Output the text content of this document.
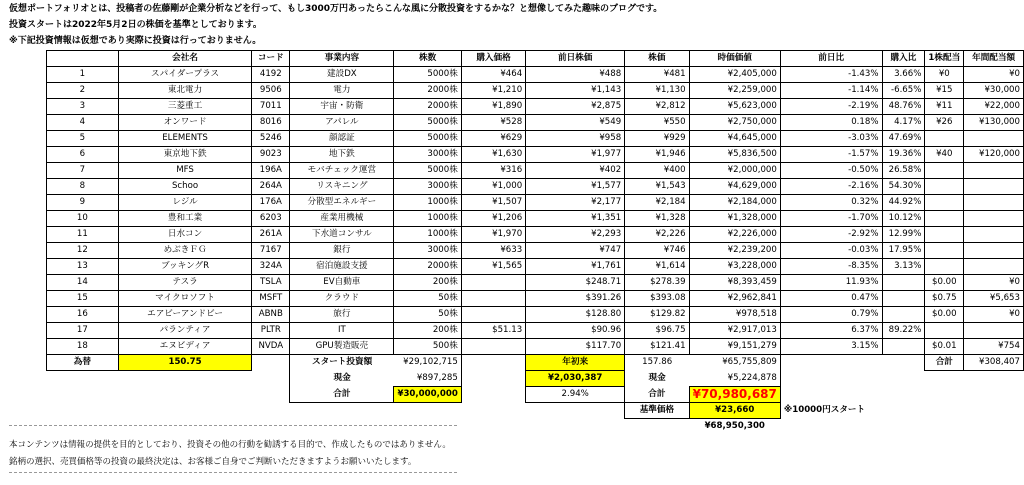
仮想ポートフォリオとは、投稿者の佐藤剛が企業分析などを行って、もし3000万円あったらこんな風に分散投資をするかな？と想像してみた趣味のブログです。
投資スタートは2022年5月2日の株価を基準としております。
※下記投資情報は仮想であり実際に投資は行っておりません。
	会社名	コード	事業内容	株数	購入価格	前日株価	株価	時価価値	前日比	購入比	1株配当	年間配当額
1	スパイダープラス	4192	建設DX	5000株	¥464	¥488	¥481	¥2,405,000	-1.43%	3.66%	¥0	¥0
2	東北電力	9506	電力	2000株	¥1,210	¥1,143	¥1,130	¥2,259,000	-1.14%	-6.65%	¥15	¥30,000
3	三菱重工	7011	宇宙・防衛	2000株	¥1,890	¥2,875	¥2,812	¥5,623,000	-2.19%	48.76%	¥11	¥22,000
4	オンワード	8016	アパレル	5000株	¥528	¥549	¥550	¥2,750,000	0.18%	4.17%	¥26	¥130,000
5	ELEMENTS	5246	顔認証	5000株	¥629	¥958	¥929	¥4,645,000	-3.03%	47.69%		
6	東京地下鉄	9023	地下鉄	3000株	¥1,630	¥1,977	¥1,946	¥5,836,500	-1.57%	19.36%	¥40	¥120,000
7	MFS	196A	モバチェック運営	5000株	¥316	¥402	¥400	¥2,000,000	-0.50%	26.58%		
8	Schoo	264A	リスキニング	3000株	¥1,000	¥1,577	¥1,543	¥4,629,000	-2.16%	54.30%		
9	レジル	176A	分散型エネルギー	1000株	¥1,507	¥2,177	¥2,184	¥2,184,000	0.32%	44.92%		
10	豊和工業	6203	産業用機械	1000株	¥1,206	¥1,351	¥1,328	¥1,328,000	-1.70%	10.12%		
11	日水コン	261A	下水道コンサル	1000株	¥1,970	¥2,293	¥2,226	¥2,226,000	-2.92%	12.99%		
12	めぶきＦＧ	7167	銀行	3000株	¥633	¥747	¥746	¥2,239,200	-0.03%	17.95%		
13	ブッキングR	324A	宿泊施設支援	2000株	¥1,565	¥1,761	¥1,614	¥3,228,000	-8.35%	3.13%		
14	テスラ	TSLA	EV自動車	200株		$248.71	$278.39	¥8,393,459	11.93%		$0.00	¥0
15	マイクロソフト	MSFT	クラウド	50株		$391.26	$393.08	¥2,962,841	0.47%		$0.75	¥5,653
16	エアビーアンドビー	ABNB	旅行	50株		$128.80	$129.82	¥978,518	0.79%		$0.00	¥0
17	パランティア	PLTR	IT	200株	$51.13	$90.96	$96.75	¥2,917,013	6.37%	89.22%		
18	エヌビディア	NVDA	GPU製造販売	500株		$117.70	$121.41	¥9,151,279	3.15%		$0.01	¥754
為替	150.75		スタート投資額	¥29,102,715		年初来	157.86	¥65,755,809			合計	¥308,407
			現金	¥897,285		¥2,030,387	現金	¥5,224,878				
			合計	¥30,000,000		2.94%	合計	¥70,980,687				
							基準価格	¥23,660	※10000円スタート			
								¥68,950,300				
本コンテンツは情報の提供を目的としており、投資その他の行動を勧誘する目的で、作成したものではありません。
銘柄の選択、売買価格等の投資の最終決定は、お客様ご自身でご判断いただきますようお願いいたします。
